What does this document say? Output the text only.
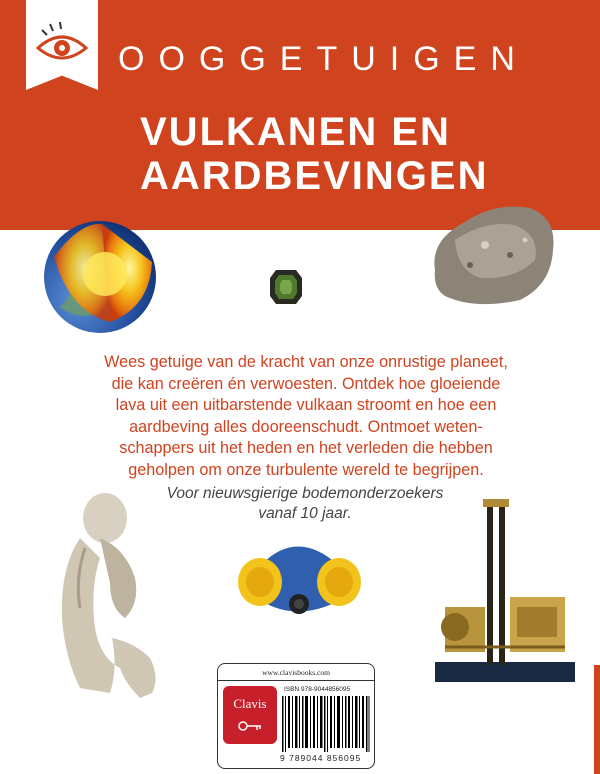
OOGGETUIGEN
VULKANEN EN
AARDBEVINGEN
Wees getuige van de kracht van onze onrustige planeet, die kan creëren én verwoesten. Ontdek hoe gloeiende lava uit een uitbarstende vulkaan stroomt en hoe een aardbeving alles dooreenschudt. Ontmoet weten-schappers uit het heden en het verleden die hebben geholpen om onze turbulente wereld te begrijpen.
Voor nieuwsgierige bodemonderzoekers
vanaf 10 jaar.
www.clavisbooks.com
Clavis
ISBN 978-9044856095
9 789044 856095
